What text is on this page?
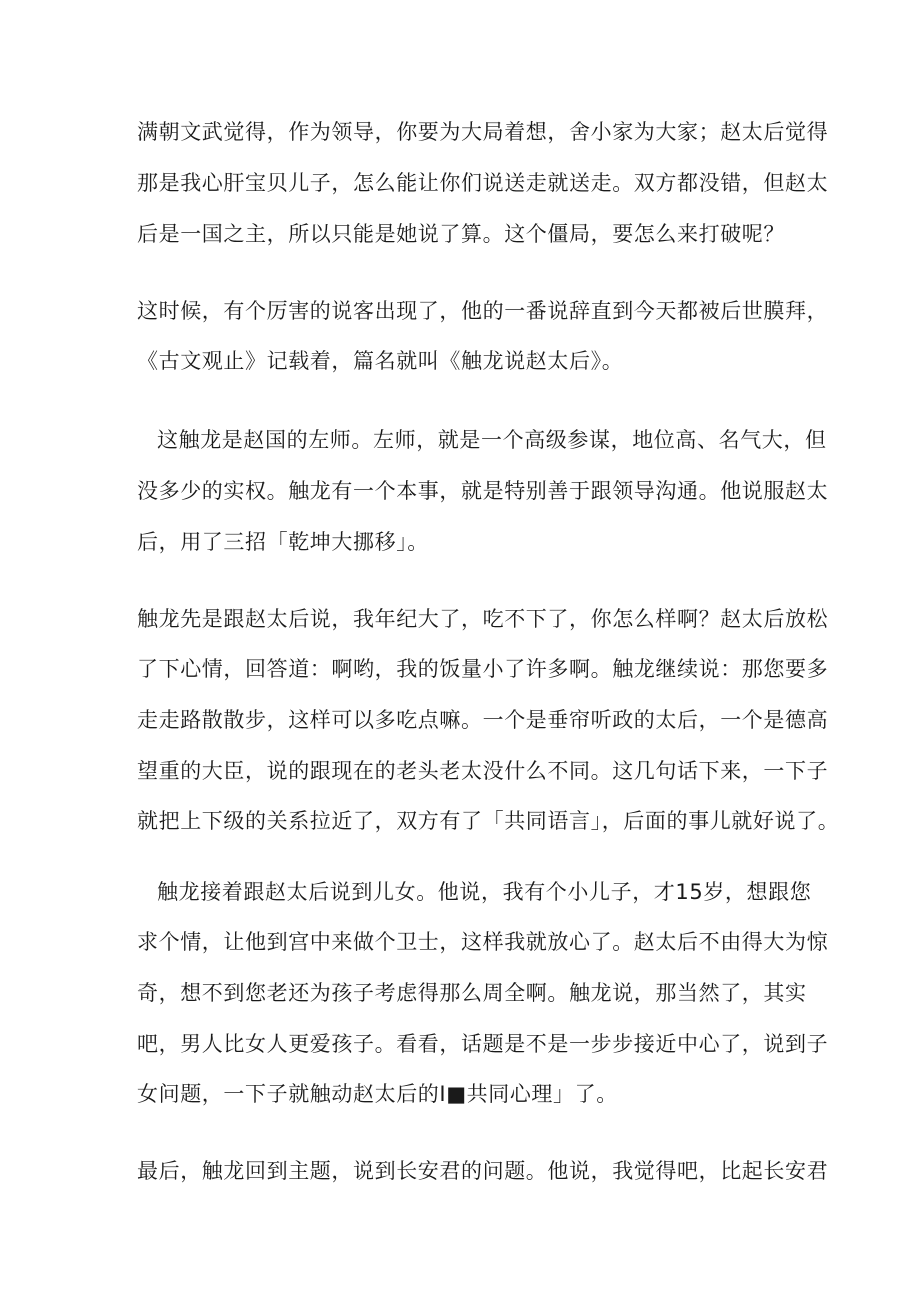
满朝文武觉得，作为领导，你要为大局着想，舍小家为大家；赵太后觉得
那是我心肝宝贝儿子，怎么能让你们说送走就送走。双方都没错，但赵太
后是一国之主，所以只能是她说了算。这个僵局，要怎么来打破呢？
这时候，有个厉害的说客出现了，他的一番说辞直到今天都被后世膜拜，
《古文观止》记载着，篇名就叫《触龙说赵太后》。
这触龙是赵国的左师。左师，就是一个高级参谋，地位高、名气大，但
没多少的实权。触龙有一个本事，就是特别善于跟领导沟通。他说服赵太
后，用了三招「乾坤大挪移」。
触龙先是跟赵太后说，我年纪大了，吃不下了，你怎么样啊？赵太后放松
了下心情，回答道：啊哟，我的饭量小了许多啊。触龙继续说：那您要多
走走路散散步，这样可以多吃点嘛。一个是垂帘听政的太后，一个是德高
望重的大臣，说的跟现在的老头老太没什么不同。这几句话下来，一下子
就把上下级的关系拉近了，双方有了「共同语言」，后面的事儿就好说了。
触龙接着跟赵太后说到儿女。他说，我有个小儿子，才15岁，想跟您
求个情，让他到宫中来做个卫士，这样我就放心了。赵太后不由得大为惊
奇，想不到您老还为孩子考虑得那么周全啊。触龙说，那当然了，其实
吧，男人比女人更爱孩子。看看，话题是不是一步步接近中心了，说到子
女问题，一下子就触动赵太后的I■共同心理」了。
最后，触龙回到主题，说到长安君的问题。他说，我觉得吧，比起长安君
